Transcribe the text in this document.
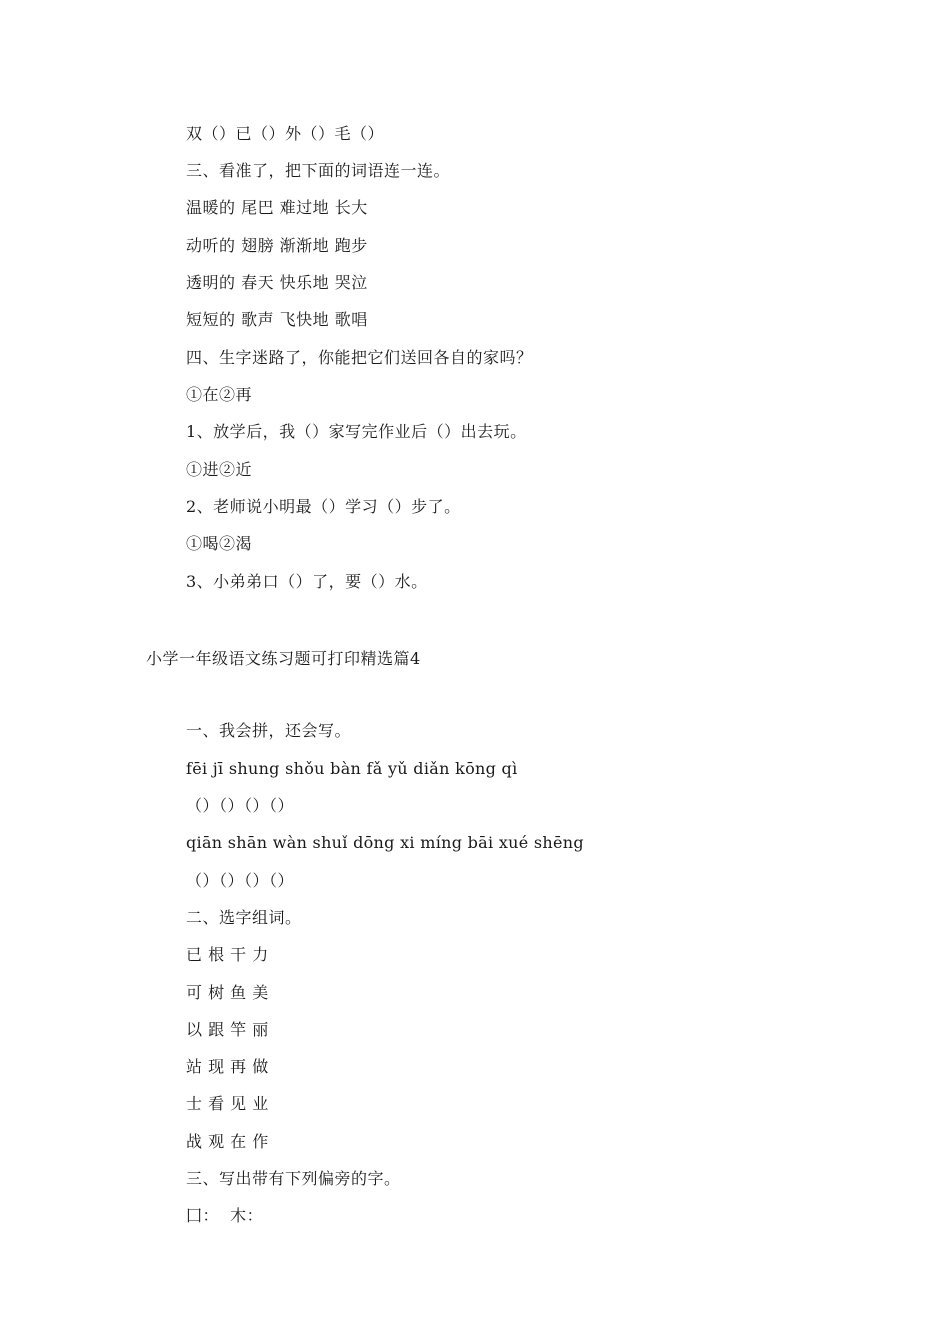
双（）已（）外（）毛（）
三、看准了，把下面的词语连一连。
温暖的 尾巴 难过地 长大
动听的 翅膀 渐渐地 跑步
透明的 春天 快乐地 哭泣
短短的 歌声 飞快地 歌唱
四、生字迷路了，你能把它们送回各自的家吗？
①在②再
1、放学后，我（）家写完作业后（）出去玩。
①进②近
2、老师说小明最（）学习（）步了。
①喝②渴
3、小弟弟口（）了，要（）水。
小学一年级语文练习题可打印精选篇4
一、我会拼，还会写。
fēi jī shung shǒu bàn fǎ yǔ diǎn kōng qì
（）（）（）（）
qiān shān wàn shuǐ dōng xi míng bāi xué shēng
（）（）（）（）
二、选字组词。
已 根 干 力
可 树 鱼 美
以 跟 竿 丽
站 现 再 做
士 看 见 业
战 观 在 作
三、写出带有下列偏旁的字。
囗：  木：
